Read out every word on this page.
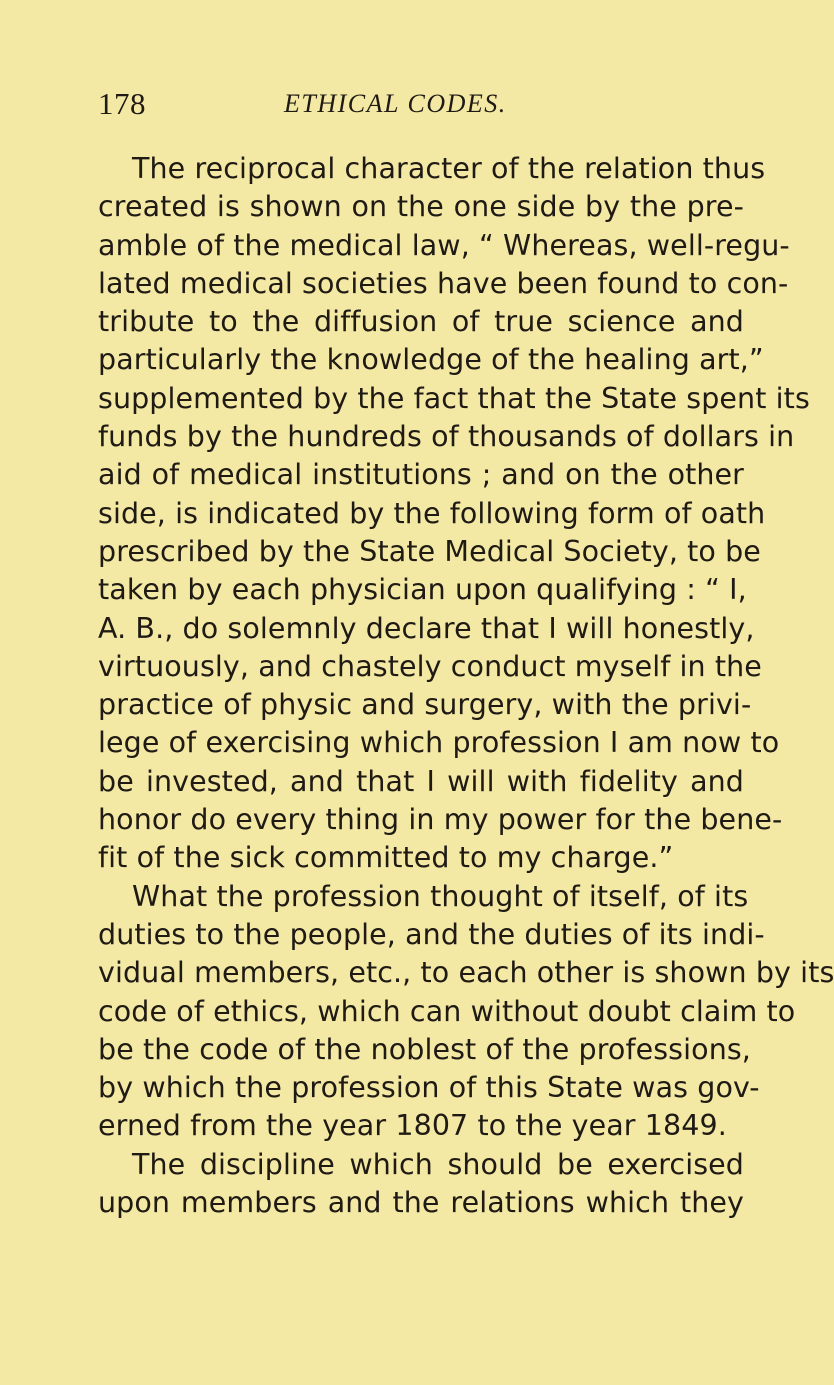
178	ETHICAL CODES.
The reciprocal character of the relation thus
created is shown on the one side by the pre-
amble of the medical law, “ Whereas, well-regu-
lated medical societies have been found to con-
tribute to the diffusion of true science and
particularly the knowledge of the healing art,”
supplemented by the fact that the State spent its
funds by the hundreds of thousands of dollars in
aid of medical institutions ; and on the other
side, is indicated by the following form of oath
prescribed by the State Medical Society, to be
taken by each physician upon qualifying : “ I,
A. B., do solemnly declare that I will honestly,
virtuously, and chastely conduct myself in the
practice of physic and surgery, with the privi-
lege of exercising which profession I am now to
be invested, and that I will with fidelity and
honor do every thing in my power for the bene-
fit of the sick committed to my charge.”
What the profession thought of itself, of its
duties to the people, and the duties of its indi-
vidual members, etc., to each other is shown by its
code of ethics, which can without doubt claim to
be the code of the noblest of the professions,
by which the profession of this State was gov-
erned from the year 1807 to the year 1849.
The discipline which should be exercised
upon members and the relations which they
